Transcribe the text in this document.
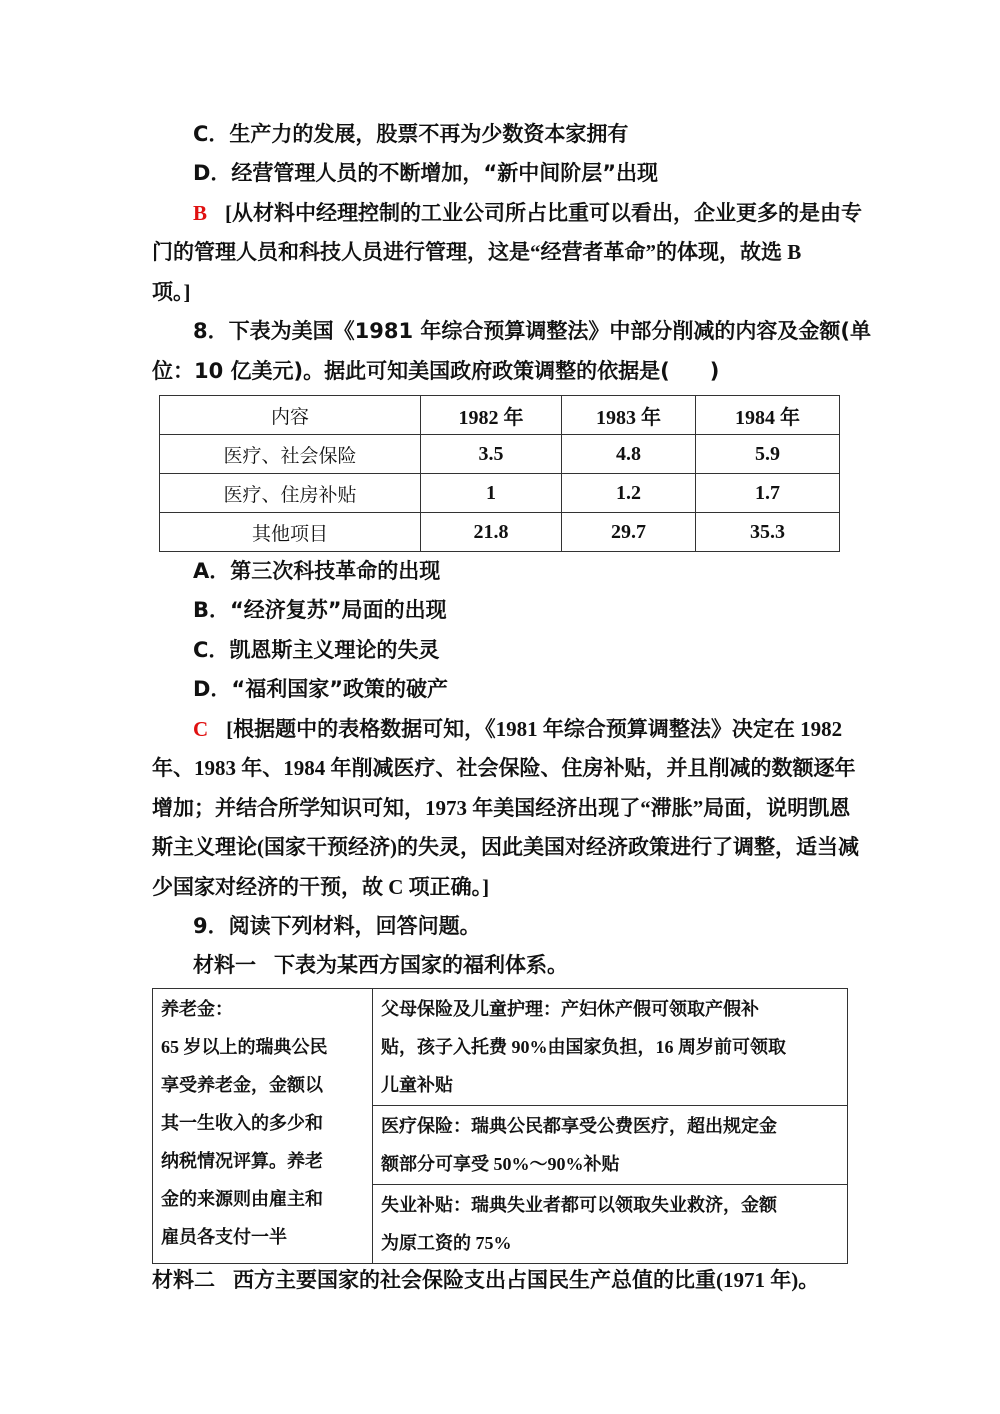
C．生产力的发展，股票不再为少数资本家拥有
D．经营管理人员的不断增加，“新中间阶层”出现
B [从材料中经理控制的工业公司所占比重可以看出，企业更多的是由专
门的管理人员和科技人员进行管理，这是“经营者革命”的体现，故选 B
项。]
8．下表为美国《1981 年综合预算调整法》中部分削减的内容及金额(单
位：10 亿美元)。据此可知美国政府政策调整的依据是( )
内容	1982 年	1983 年	1984 年
医疗、社会保险	3.5	4.8	5.9
医疗、住房补贴	1	1.2	1.7
其他项目	21.8	29.7	35.3
A．第三次科技革命的出现
B．“经济复苏”局面的出现
C．凯恩斯主义理论的失灵
D．“福利国家”政策的破产
C [根据题中的表格数据可知，《1981 年综合预算调整法》决定在 1982
年、1983 年、1984 年削减医疗、社会保险、住房补贴，并且削减的数额逐年
增加；并结合所学知识可知，1973 年美国经济出现了“滞胀”局面，说明凯恩
斯主义理论(国家干预经济)的失灵，因此美国对经济政策进行了调整，适当减
少国家对经济的干预，故 C 项正确。]
9．阅读下列材料，回答问题。
材料一 下表为某西方国家的福利体系。
养老金：
65 岁以上的瑞典公民
享受养老金，金额以
其一生收入的多少和
纳税情况评算。养老
金的来源则由雇主和
雇员各支付一半

父母保险及儿童护理：产妇休产假可领取产假补
贴，孩子入托费 90%由国家负担，16 周岁前可领取
儿童补贴

医疗保险：瑞典公民都享受公费医疗，超出规定金
额部分可享受 50%～90%补贴

失业补贴：瑞典失业者都可以领取失业救济，金额
为原工资的 75%
材料二 西方主要国家的社会保险支出占国民生产总值的比重(1971 年)。
